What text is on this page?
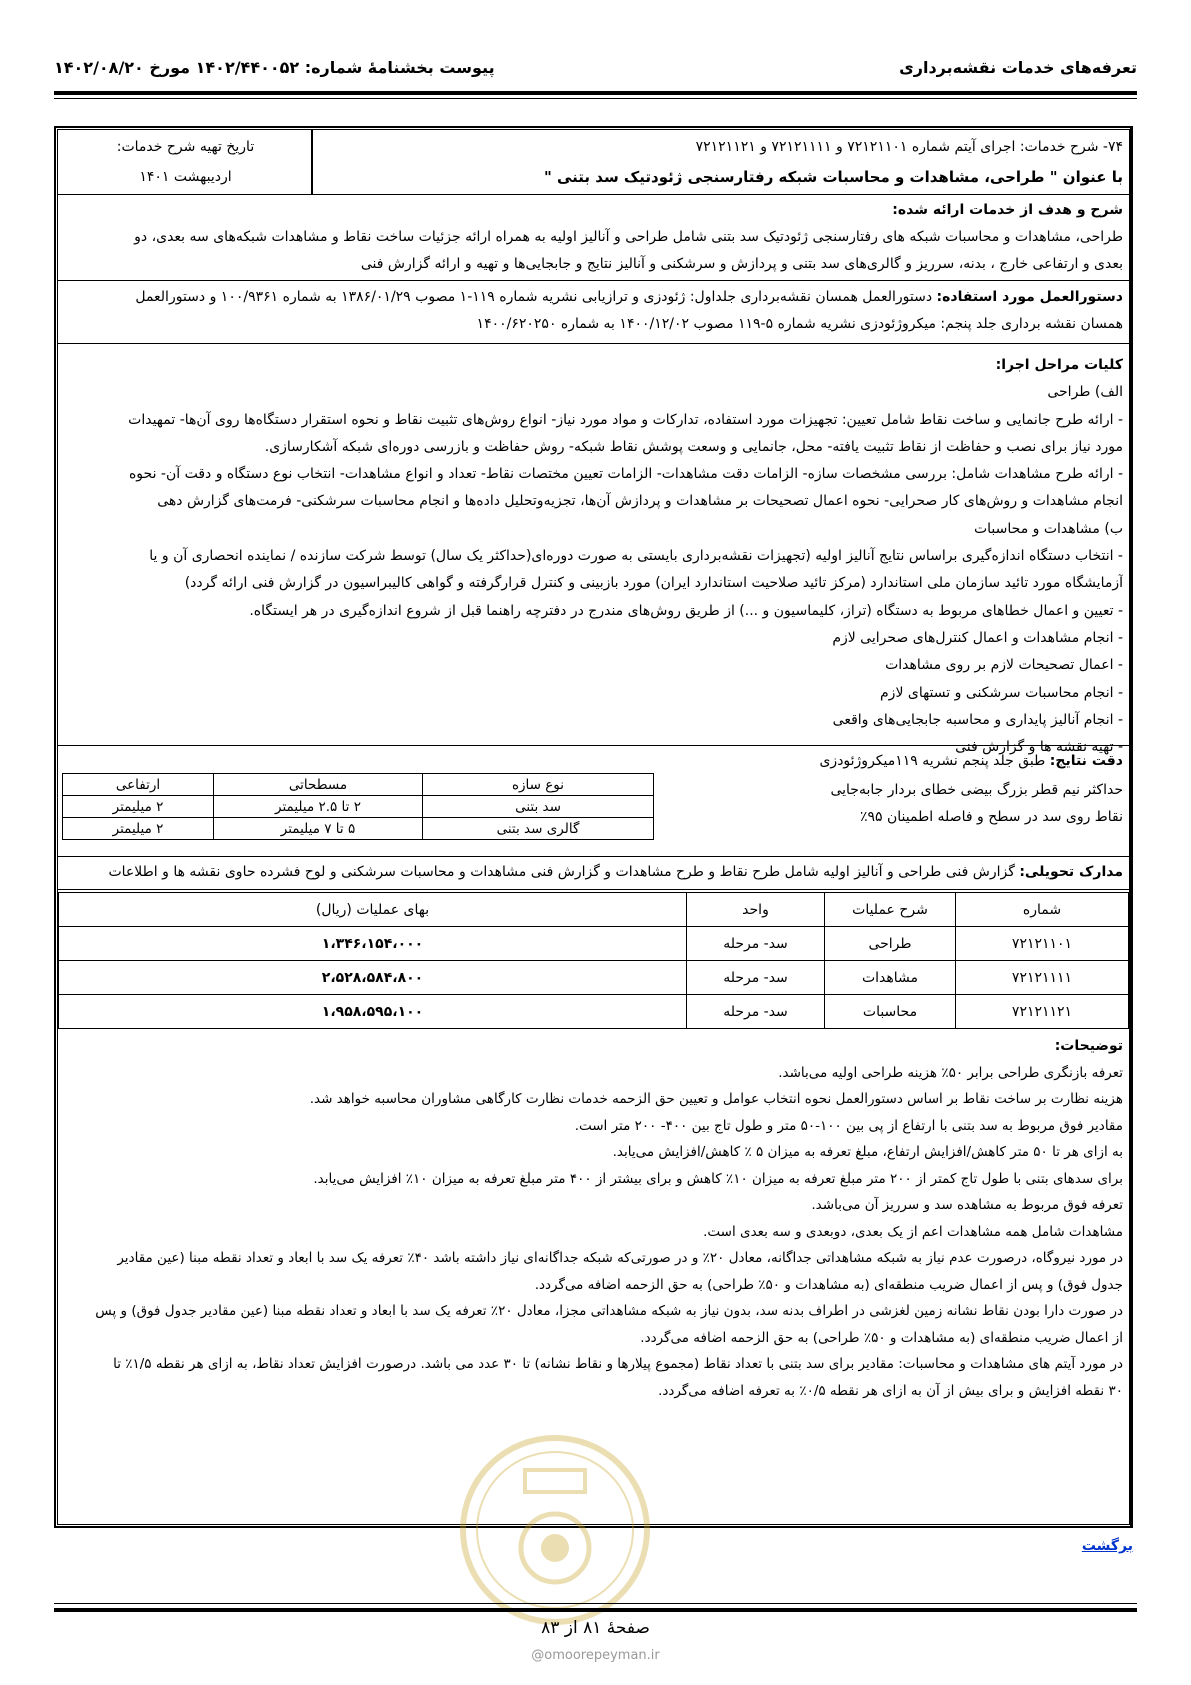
تعرفه‌های خدمات نقشه‌برداری
پیوست بخشنامهٔ شماره: ۱۴۰۲/۴۴۰۰۵۲ مورخ ۱۴۰۲/۰۸/۲۰
۷۴- شرح خدمات: اجرای آیتم شماره ۷۲۱۲۱۱۰۱ و ۷۲۱۲۱۱۱۱ و ۷۲۱۲۱۱۲۱
با عنوان " طراحی، مشاهدات و محاسبات شبکه رفتارسنجی ژئودتیک سد بتنی "
تاریخ تهیه شرح خدمات:
اردیبهشت ۱۴۰۱
شرح و هدف از خدمات ارائه شده:
طراحی، مشاهدات و محاسبات شبکه های رفتارسنجی ژئودتیک سد بتنی شامل طراحی و آنالیز اولیه به همراه ارائه جزئیات ساخت نقاط و مشاهدات شبکه‌های سه بعدی، دو
بعدی و ارتفاعی خارج ، بدنه، سرریز و گالری‌های سد بتنی و پردازش و سرشکنی و آنالیز نتایج و جابجایی‌ها و تهیه و ارائه گزارش فنی
دستورالعمل مورد استفاده: دستورالعمل همسان نقشه‌برداری جلداول: ژئودزی و ترازیابی نشریه شماره ۱۱۹-۱ مصوب ۱۳۸۶/۰۱/۲۹ به شماره ۱۰۰/۹۳۶۱ و دستورالعمل
همسان نقشه برداری جلد پنجم: میکروژئودزی نشریه شماره ۵-۱۱۹ مصوب ۱۴۰۰/۱۲/۰۲ به شماره ۱۴۰۰/۶۲۰۲۵۰
کلیات مراحل اجرا:
الف) طراحی
- ارائه طرح جانمایی و ساخت نقاط شامل تعیین: تجهیزات مورد استفاده، تدارکات و مواد مورد نیاز- انواع روش‌های تثبیت نقاط و نحوه استقرار دستگاه‌ها روی آن‌ها- تمهیدات
مورد نیاز برای نصب و حفاظت از نقاط تثبیت یافته- محل، جانمایی و وسعت پوشش نقاط شبکه- روش حفاظت و بازرسی دوره‌ای شبکه آشکارسازی.
- ارائه طرح مشاهدات شامل: بررسی مشخصات سازه- الزامات دقت مشاهدات- الزامات تعیین مختصات نقاط- تعداد و انواع مشاهدات- انتخاب نوع دستگاه و دقت آن- نحوه
انجام مشاهدات و روش‌های کار صحرایی- نحوه اعمال تصحیحات بر مشاهدات و پردازش آن‌ها، تجزیه‌وتحلیل داده‌ها و انجام محاسبات سرشکنی- فرمت‌های گزارش دهی
ب) مشاهدات و محاسبات
- انتخاب دستگاه اندازه‌گیری براساس نتایج آنالیز اولیه (تجهیزات نقشه‌برداری بایستی به صورت دوره‌ای(حداکثر یک سال) توسط شرکت سازنده / نماینده انحصاری آن و یا
آزمایشگاه مورد تائید سازمان ملی استاندارد (مرکز تائید صلاحیت استاندارد ایران) مورد بازبینی و کنترل قرارگرفته و گواهی کالیبراسیون در گزارش فنی ارائه گردد)
- تعیین و اعمال خطاهای مربوط به دستگاه (تراز، کلیماسیون و ...) از طریق روش‌های مندرج در دفترچه راهنما قبل از شروع اندازه‌گیری در هر ایستگاه.
- انجام مشاهدات و اعمال کنترل‌های صحرایی لازم
- اعمال تصحیحات لازم بر روی مشاهدات
- انجام محاسبات سرشکنی و تستهای لازم
- انجام آنالیز پایداری و محاسبه جابجایی‌های واقعی
- تهیه نقشه ها و گزارش فنی
دقت نتایج: طبق جلد پنجم نشریه ۱۱۹میکروژئودزی
حداکثر نیم قطر بزرگ بیضی خطای بردار جابه‌جایی
نقاط روی سد در سطح و فاصله اطمینان ۹۵٪
نوع سازه	مسطحاتی	ارتفاعی
سد بتنی	۲ تا ۲.۵ میلیمتر	۲ میلیمتر
گالری سد بتنی	۵ تا ۷ میلیمتر	۲ میلیمتر
مدارک تحویلی: گزارش فنی طراحی و آنالیز اولیه شامل طرح نقاط و طرح مشاهدات و گزارش فنی مشاهدات و محاسبات سرشکنی و لوح فشرده حاوی نقشه ها و اطلاعات
شماره	شرح عملیات	واحد	بهای عملیات (ریال)
۷۲۱۲۱۱۰۱	طراحی	سد- مرحله	۱،۳۴۶،۱۵۴،۰۰۰
۷۲۱۲۱۱۱۱	مشاهدات	سد- مرحله	۲،۵۲۸،۵۸۴،۸۰۰
۷۲۱۲۱۱۲۱	محاسبات	سد- مرحله	۱،۹۵۸،۵۹۵،۱۰۰
توضیحات:
تعرفه بازنگری طراحی برابر ۵۰٪ هزینه طراحی اولیه می‌باشد.
هزینه نظارت بر ساخت نقاط بر اساس دستورالعمل نحوه انتخاب عوامل و تعیین حق الزحمه خدمات نظارت کارگاهی مشاوران محاسبه خواهد شد.
مقادیر فوق مربوط به سد بتنی با ارتفاع از پی بین ۱۰۰-۵۰ متر و طول تاج بین ۴۰۰- ۲۰۰ متر است.
به ازای هر تا ۵۰ متر کاهش/افزایش ارتفاع، مبلغ تعرفه به میزان ۵ ٪ کاهش/افزایش می‌یابد.
برای سدهای بتنی با طول تاج کمتر از ۲۰۰ متر مبلغ تعرفه به میزان ۱۰٪ کاهش و برای بیشتر از ۴۰۰ متر مبلغ تعرفه به میزان ۱۰٪ افزایش می‌یابد.
تعرفه فوق مربوط به مشاهده سد و سرریز آن می‌باشد.
مشاهدات شامل همه مشاهدات اعم از یک بعدی، دوبعدی و سه بعدی است.
در مورد نیروگاه، درصورت عدم نیاز به شبکه مشاهداتی جداگانه، معادل ۲۰٪ و در صورتی‌که شبکه جداگانه‌ای نیاز داشته باشد ۴۰٪ تعرفه یک سد با ابعاد و تعداد نقطه مبنا (عین مقادیر
جدول فوق) و پس از اعمال ضریب منطقه‌ای (به مشاهدات و ۵۰٪ طراحی) به حق الزحمه اضافه می‌گردد.
در صورت دارا بودن نقاط نشانه زمین لغزشی در اطراف بدنه سد، بدون نیاز به شبکه مشاهداتی مجزا، معادل ۲۰٪ تعرفه یک سد با ابعاد و تعداد نقطه مبنا (عین مقادیر جدول فوق) و پس
از اعمال ضریب منطقه‌ای (به مشاهدات و ۵۰٪ طراحی) به حق الزحمه اضافه می‌گردد.
در مورد آیتم های مشاهدات و محاسبات: مقادیر برای سد بتنی با تعداد نقاط (مجموع پیلارها و نقاط نشانه) تا ۳۰ عدد می باشد. درصورت افزایش تعداد نقاط، به ازای هر نقطه ۱/۵٪ تا
۳۰ نقطه افزایش و برای بیش از آن به ازای هر نقطه ۰/۵٪ به تعرفه اضافه می‌گردد.
برگشت
صفحهٔ ۸۱ از ۸۳
@omoorepeyman.ir
